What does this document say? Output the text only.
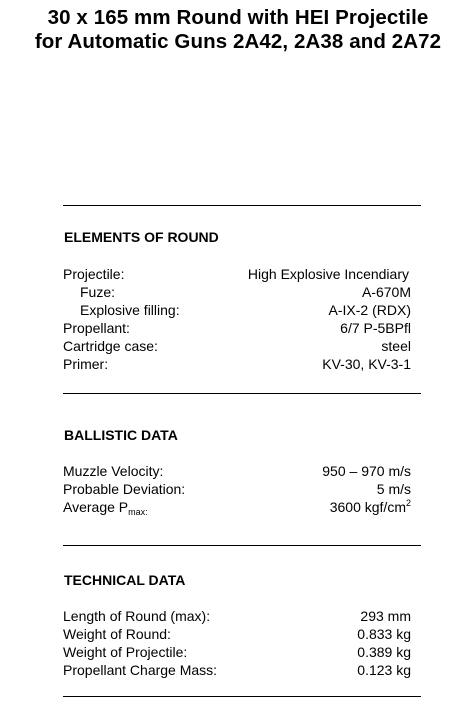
30 x 165 mm Round with HEI Projectile
for Automatic Guns 2A42, 2A38 and 2A72
ELEMENTS OF ROUND
Projectile:	High Explosive Incendiary
Fuze:	A-670M
Explosive filling:	A-IX-2 (RDX)
Propellant:	6/7 P-5BPfl
Cartridge case:	steel
Primer:	KV-30, KV-3-1
BALLISTIC DATA
Muzzle Velocity:	950 – 970 m/s
Probable Deviation:	5 m/s
Average $P_{max:}$	3600 kgf/$cm^2$
TECHNICAL DATA
Length of Round (max):	293 mm
Weight of Round:	0.833 kg
Weight of Projectile:	0.389 kg
Propellant Charge Mass:	0.123 kg
